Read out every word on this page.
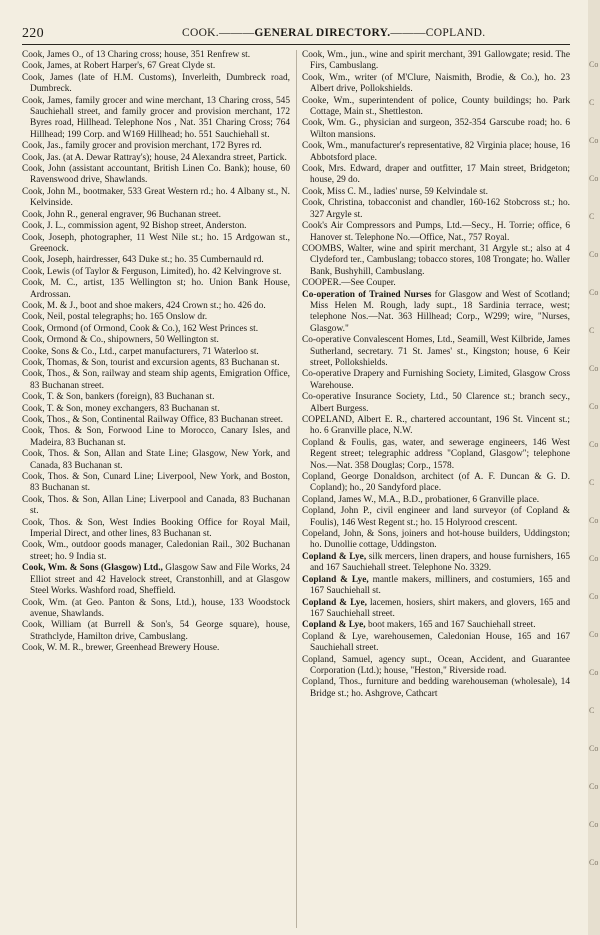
220	COOK.———GENERAL DIRECTORY.———COPLAND.

Cook, James O., of 13 Charing cross; house, 351 Renfrew st.

Cook, James, at Robert Harper's, 67 Great Clyde st.

Cook, James (late of H.M. Customs), Inverleith, Dumbreck road, Dumbreck.

Cook, James, family grocer and wine merchant, 13 Charing cross, 545 Sauchiehall street, and family grocer and provision merchant, 172 Byres road, Hillhead. Telephone Nos , Nat. 351 Charing Cross; 764 Hillhead; 199 Corp. and W169 Hillhead; ho. 551 Sauchiehall st.

Cook, Jas., family grocer and provision merchant, 172 Byres rd.

Cook, Jas. (at A. Dewar Rattray's); house, 24 Alexandra street, Partick.

Cook, John (assistant accountant, British Linen Co. Bank); house, 60 Ravenswood drive, Shawlands.

Cook, John M., bootmaker, 533 Great Western rd.; ho. 4 Albany st., N. Kelvinside.

Cook, John R., general engraver, 96 Buchanan street.

Cook, J. L., commission agent, 92 Bishop street, Anderston.

Cook, Joseph, photographer, 11 West Nile st.; ho. 15 Ardgowan st., Greenock.

Cook, Joseph, hairdresser, 643 Duke st.; ho. 35 Cumbernauld rd.

Cook, Lewis (of Taylor & Ferguson, Limited), ho. 42 Kelvingrove st.

Cook, M. C., artist, 135 Wellington st; ho. Union Bank House, Ardrossan.

Cook, M. & J., boot and shoe makers, 424 Crown st.; ho. 426 do.

Cook, Neil, postal telegraphs; ho. 165 Onslow dr.

Cook, Ormond (of Ormond, Cook & Co.), 162 West Princes st.

Cook, Ormond & Co., shipowners, 50 Wellington st.

Cooke, Sons & Co., Ltd., carpet manufacturers, 71 Waterloo st.

Cook, Thomas, & Son, tourist and excursion agents, 83 Buchanan st.

Cook, Thos., & Son, railway and steam ship agents, Emigration Office, 83 Buchanan street.

Cook, T. & Son, bankers (foreign), 83 Buchanan st.

Cook, T. & Son, money exchangers, 83 Buchanan st.

Cook, Thos., & Son, Continental Railway Office, 83 Buchanan street.

Cook, Thos. & Son, Forwood Line to Morocco, Canary Isles, and Madeira, 83 Buchanan st.

Cook, Thos. & Son, Allan and State Line; Glasgow, New York, and Canada, 83 Buchanan st.

Cook, Thos. & Son, Cunard Line; Liverpool, New York, and Boston, 83 Buchanan st.

Cook, Thos. & Son, Allan Line; Liverpool and Canada, 83 Buchanan st.

Cook, Thos. & Son, West Indies Booking Office for Royal Mail, Imperial Direct, and other lines, 83 Buchanan st.

Cook, Wm., outdoor goods manager, Caledonian Rail., 302 Buchanan street; ho. 9 India st.

Cook, Wm. & Sons (Glasgow) Ltd., Glasgow Saw and File Works, 24 Elliot street and 42 Havelock street, Cranstonhill, and at Glasgow Steel Works. Washford road, Sheffield.

Cook, Wm. (at Geo. Panton & Sons, Ltd.), house, 133 Woodstock avenue, Shawlands.

Cook, William (at Burrell & Son's, 54 George square), house, Strathclyde, Hamilton drive, Cambuslang.

Cook, W. M. R., brewer, Greenhead Brewery House.

Cook, Wm., jun., wine and spirit merchant, 391 Gallowgate; resid. The Firs, Cambuslang.

Cook, Wm., writer (of M'Clure, Naismith, Brodie, & Co.), ho. 23 Albert drive, Pollokshields.

Cooke, Wm., superintendent of police, County buildings; ho. Park Cottage, Main st., Shettleston.

Cook, Wm. G., physician and surgeon, 352-354 Garscube road; ho. 6 Wilton mansions.

Cook, Wm., manufacturer's representative, 82 Virginia place; house, 16 Abbotsford place.

Cook, Mrs. Edward, draper and outfitter, 17 Main street, Bridgeton; house, 29 do.

Cook, Miss C. M., ladies' nurse, 59 Kelvindale st.

Cook, Christina, tobacconist and chandler, 160-162 Stobcross st.; ho. 327 Argyle st.

Cook's Air Compressors and Pumps, Ltd.—Secy., H. Torrie; office, 6 Hanover st. Telephone No.—Office, Nat., 757 Royal.

COOMBS, Walter, wine and spirit merchant, 31 Argyle st.; also at 4 Clydeford ter., Cambuslang; tobacco stores, 108 Trongate; ho. Waller Bank, Bushyhill, Cambuslang.

COOPER.—See Couper.

Co-operation of Trained Nurses for Glasgow and West of Scotland; Miss Helen M. Rough, lady supt., 18 Sardinia terrace, west; telephone Nos.—Nat. 363 Hillhead; Corp., W299; wire, "Nurses, Glasgow."

Co-operative Convalescent Homes, Ltd., Seamill, West Kilbride, James Sutherland, secretary. 71 St. James' st., Kingston; house, 6 Keir street, Pollokshields.

Co-operative Drapery and Furnishing Society, Limited, Glasgow Cross Warehouse.

Co-operative Insurance Society, Ltd., 50 Clarence st.; branch secy., Albert Burgess.

COPELAND, Albert E. R., chartered accountant, 196 St. Vincent st.; ho. 6 Granville place, N.W.

Copland & Foulis, gas, water, and sewerage engineers, 146 West Regent street; telegraphic address "Copland, Glasgow"; telephone Nos.—Nat. 358 Douglas; Corp., 1578.

Copland, George Donaldson, architect (of A. F. Duncan & G. D. Copland); ho., 20 Sandyford place.

Copland, James W., M.A., B.D., probationer, 6 Granville place.

Copland, John P., civil engineer and land surveyor (of Copland & Foulis), 146 West Regent st.; ho. 15 Holyrood crescent.

Copeland, John, & Sons, joiners and hot-house builders, Uddingston; ho. Dunollie cottage, Uddingston.

Copland & Lye, silk mercers, linen drapers, and house furnishers, 165 and 167 Sauchiehall street. Telephone No. 3329.

Copland & Lye, mantle makers, milliners, and costumiers, 165 and 167 Sauchiehall st.

Copland & Lye, lacemen, hosiers, shirt makers, and glovers, 165 and 167 Sauchiehall street.

Copland & Lye, boot makers, 165 and 167 Sauchiehall street.

Copland & Lye, warehousemen, Caledonian House, 165 and 167 Sauchiehall street.

Copland, Samuel, agency supt., Ocean, Accident, and Guarantee Corporation (Ltd.); house, "Heston," Riverside road.

Copland, Thos., furniture and bedding warehouseman (wholesale), 14 Bridge st.; ho. Ashgrove, Cathcart

Co
C
Co
Co
C
Co
Co
C
Co
Co
Co
C
Co
Co
Co
Co
Co
C
Co
Co
Co
Co
